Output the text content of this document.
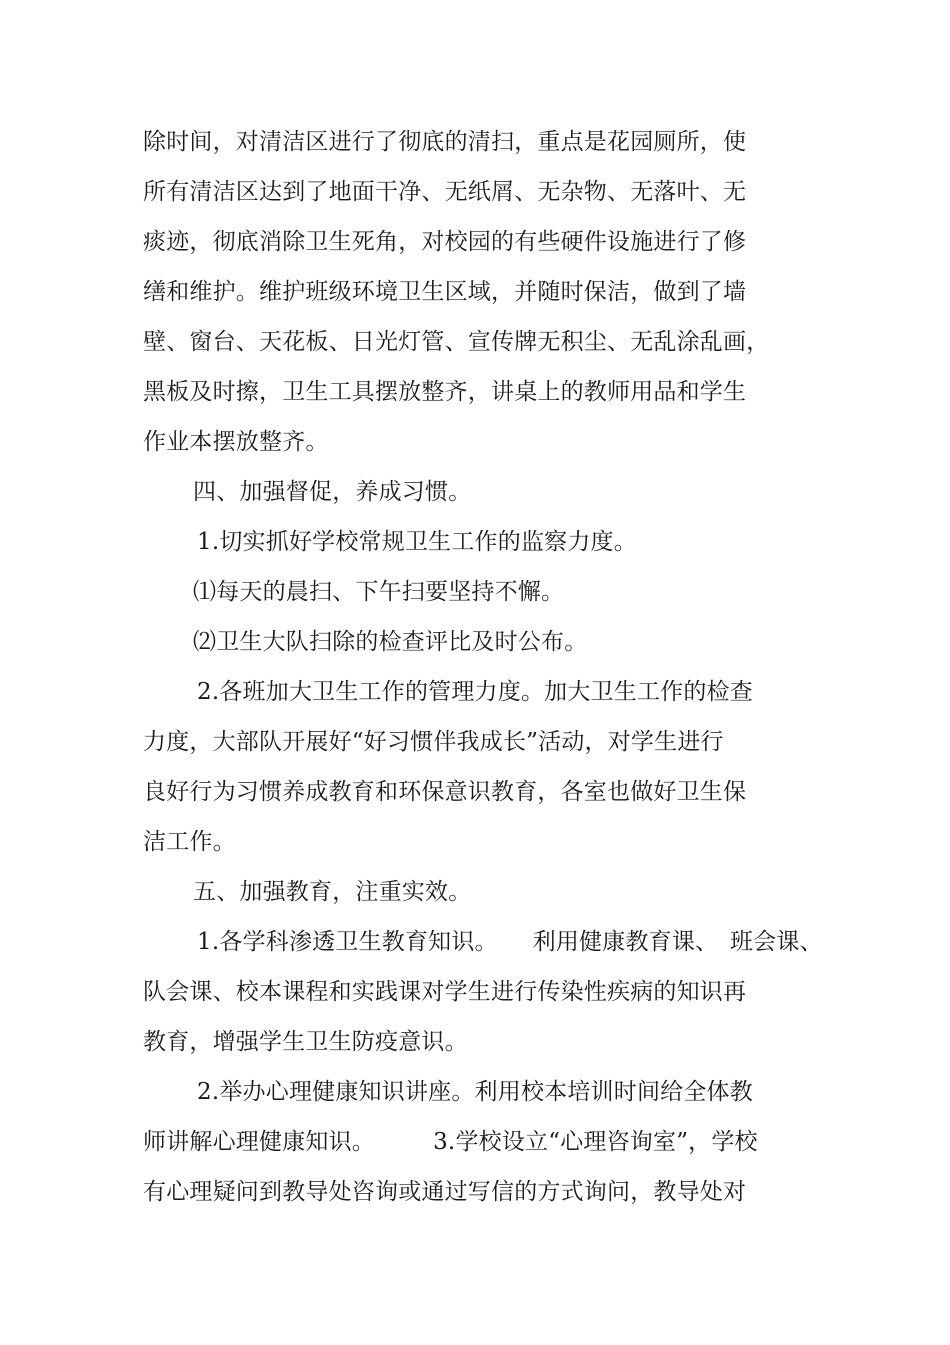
除时间，对清洁区进行了彻底的清扫，重点是花园厕所，使
所有清洁区达到了地面干净、无纸屑、无杂物、无落叶、无
痰迹，彻底消除卫生死角，对校园的有些硬件设施进行了修
缮和维护。维护班级环境卫生区域，并随时保洁，做到了墙
壁、窗台、天花板、日光灯管、宣传牌无积尘、无乱涂乱画，
黑板及时擦，卫生工具摆放整齐，讲桌上的教师用品和学生
作业本摆放整齐。
四、加强督促，养成习惯。
1.切实抓好学校常规卫生工作的监察力度。
⑴每天的晨扫、下午扫要坚持不懈。
⑵卫生大队扫除的检查评比及时公布。
2.各班加大卫生工作的管理力度。加大卫生工作的检查
力度，大部队开展好“好习惯伴我成长”活动，对学生进行
良好行为习惯养成教育和环保意识教育，各室也做好卫生保
洁工作。
五、加强教育，注重实效。
1.各学科渗透卫生教育知识。　　利用健康教育课、　班会课、
队会课、校本课程和实践课对学生进行传染性疾病的知识再
教育，增强学生卫生防疫意识。
2.举办心理健康知识讲座。利用校本培训时间给全体教
师讲解心理健康知识。　　　3.学校设立“心理咨询室”，学校
有心理疑问到教导处咨询或通过写信的方式询问，教导处对
